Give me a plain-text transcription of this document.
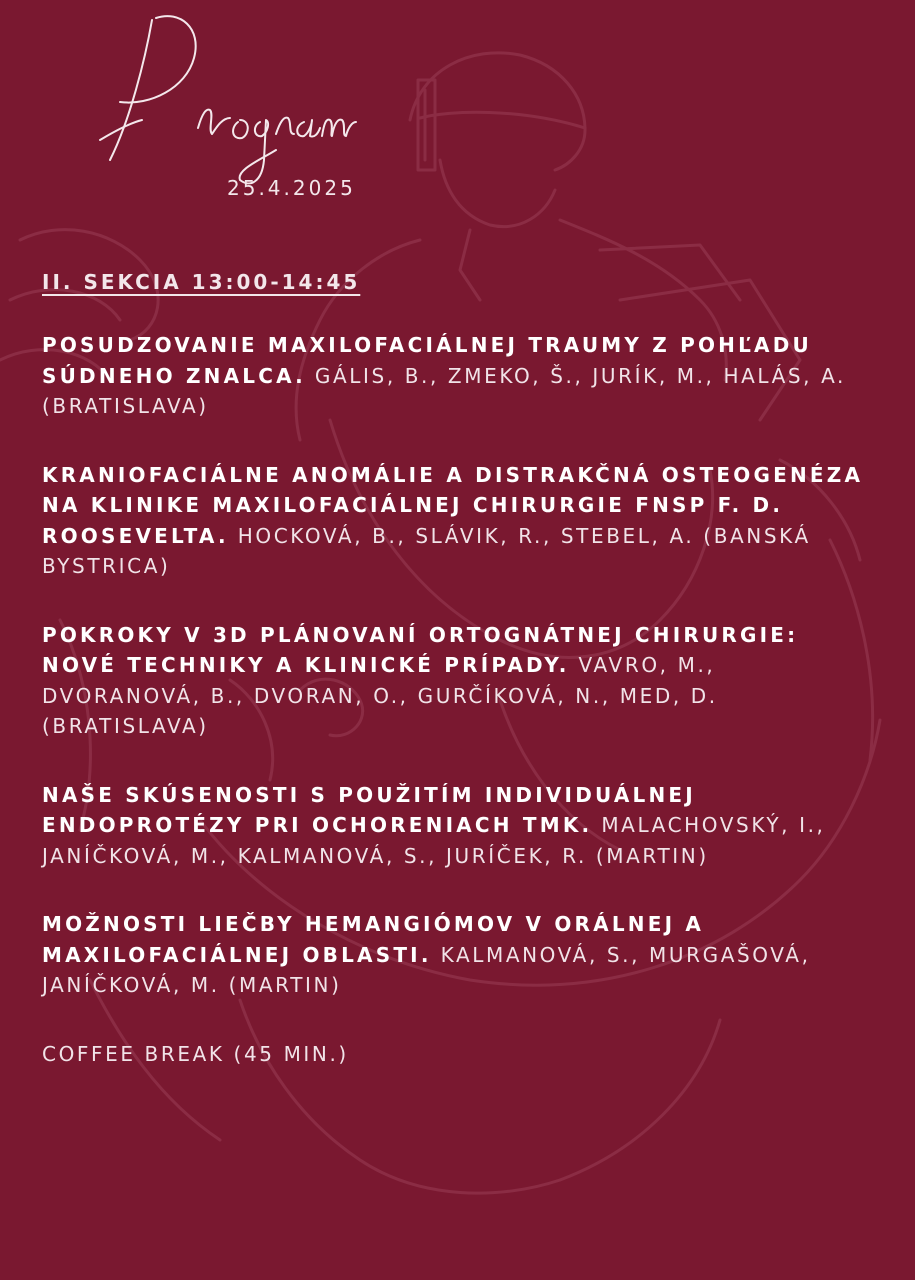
25.4.2025
II. SEKCIA 13:00-14:45

POSUDZOVANIE MAXILOFACIÁLNEJ TRAUMY Z POHĽADU SÚDNEHO ZNALCA. GÁLIS, B., ZMEKO, Š., JURÍK, M., HALÁS, A. (BRATISLAVA)

KRANIOFACIÁLNE ANOMÁLIE A DISTRAKČNÁ OSTEOGENÉZA NA KLINIKE MAXILOFACIÁLNEJ CHIRURGIE FNSP F. D. ROOSEVELTA. HOCKOVÁ, B., SLÁVIK, R., STEBEL, A. (BANSKÁ BYSTRICA)

POKROKY V 3D PLÁNOVANÍ ORTOGNÁTNEJ CHIRURGIE: NOVÉ TECHNIKY A KLINICKÉ PRÍPADY. VAVRO, M., DVORANOVÁ, B., DVORAN, O., GURČÍKOVÁ, N., MED, D. (BRATISLAVA)

NAŠE SKÚSENOSTI S POUŽITÍM INDIVIDUÁLNEJ ENDOPROTÉZY PRI OCHORENIACH TMK. MALACHOVSKÝ, I., JANÍČKOVÁ, M., KALMANOVÁ, S., JURÍČEK, R. (MARTIN)

MOŽNOSTI LIEČBY HEMANGIÓMOV V ORÁLNEJ A MAXILOFACIÁLNEJ OBLASTI. KALMANOVÁ, S., MURGAŠOVÁ, JANÍČKOVÁ, M. (MARTIN)

COFFEE BREAK (45 MIN.)
